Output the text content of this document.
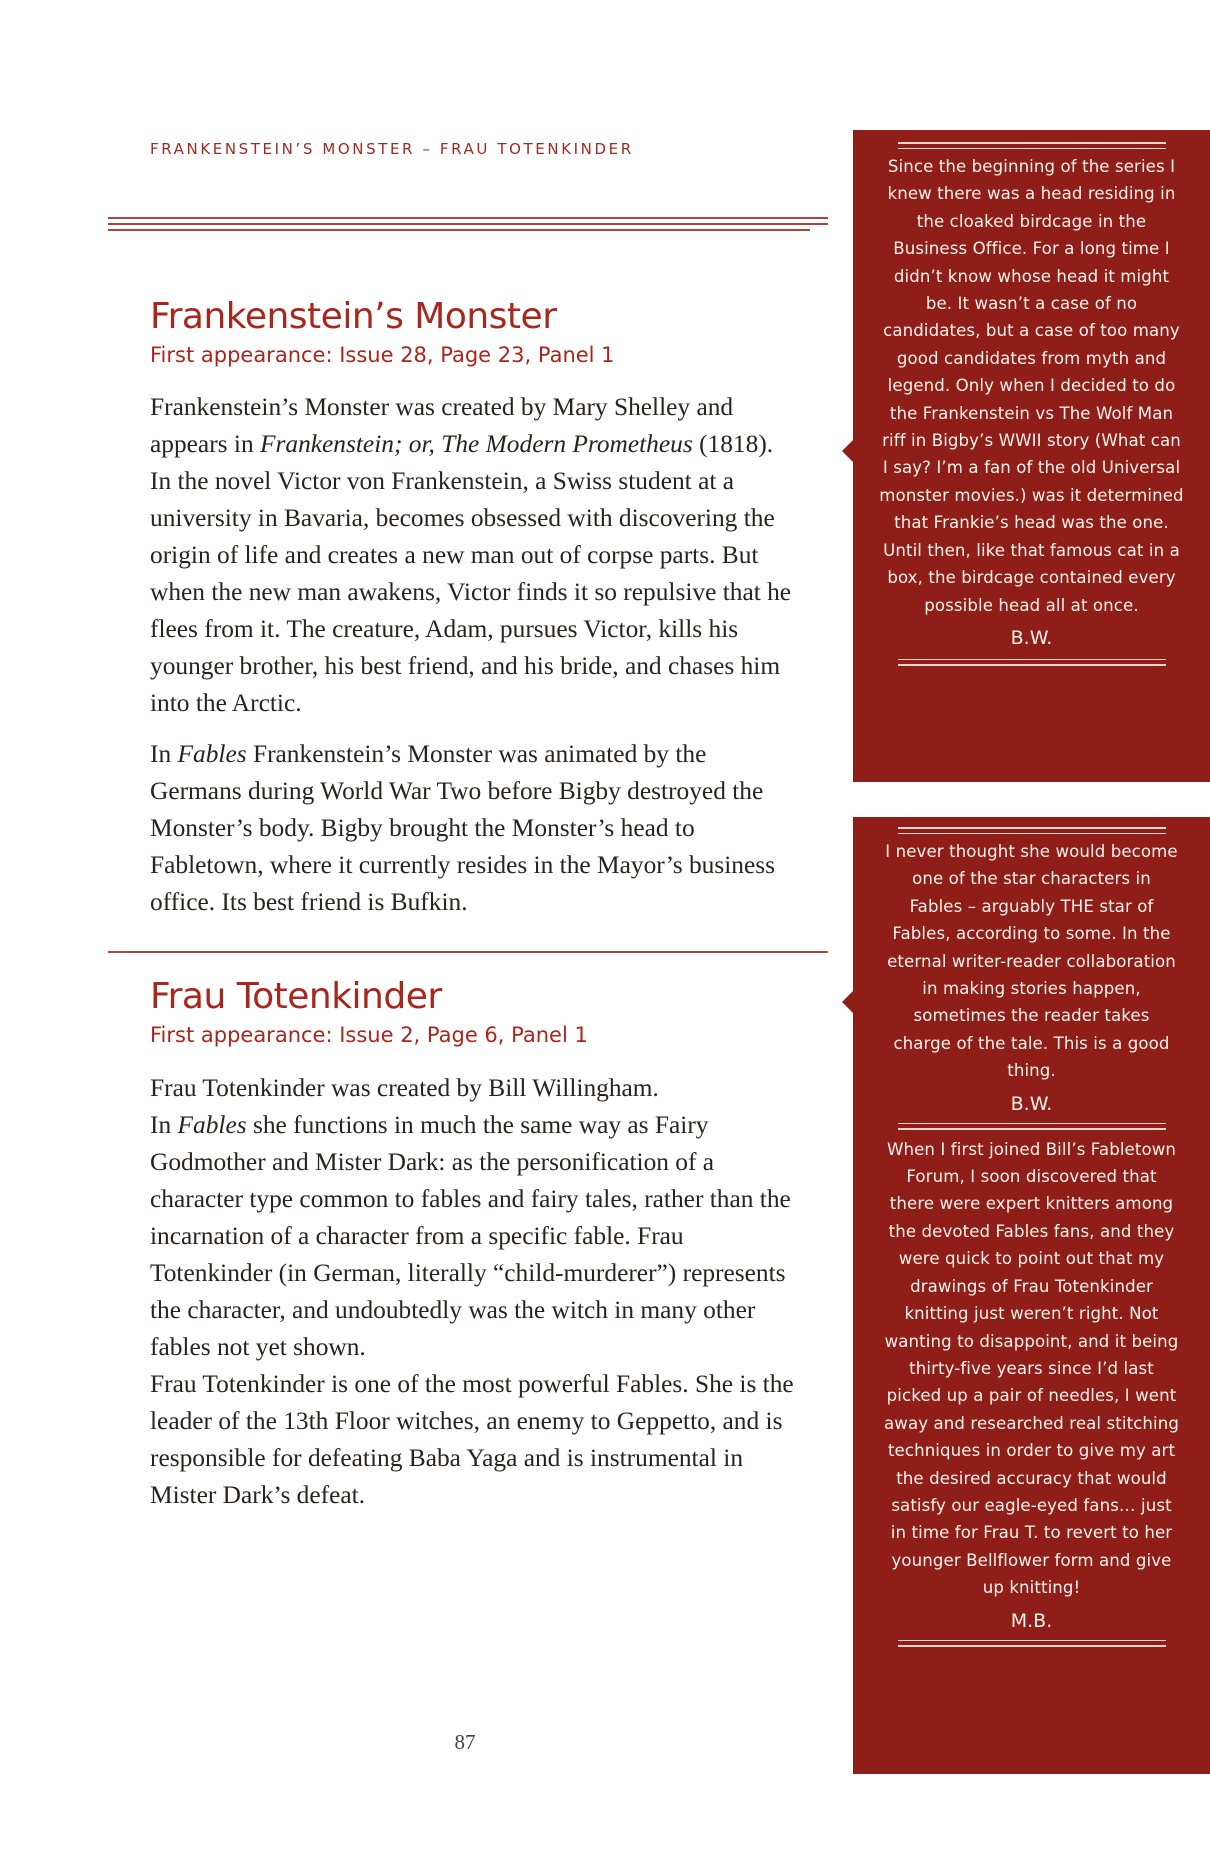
FRANKENSTEIN’S MONSTER – FRAU TOTENKINDER
Frankenstein’s Monster
First appearance: Issue 28, Page 23, Panel 1

Frankenstein’s Monster was created by Mary Shelley and appears in Frankenstein; or, The Modern Prometheus (1818). In the novel Victor von Frankenstein, a Swiss student at a university in Bavaria, becomes obsessed with discovering the origin of life and creates a new man out of corpse parts. But when the new man awakens, Victor finds it so repulsive that he flees from it. The creature, Adam, pursues Victor, kills his younger brother, his best friend, and his bride, and chases him into the Arctic.

In Fables Frankenstein’s Monster was animated by the Germans during World War Two before Bigby destroyed the Monster’s body. Bigby brought the Monster’s head to Fabletown, where it currently resides in the Mayor’s business office. Its best friend is Bufkin.

Frau Totenkinder
First appearance: Issue 2, Page 6, Panel 1

Frau Totenkinder was created by Bill Willingham.

In Fables she functions in much the same way as Fairy Godmother and Mister Dark: as the personification of a character type common to fables and fairy tales, rather than the incarnation of a character from a specific fable. Frau Totenkinder (in German, literally “child-murderer”) represents the character, and undoubtedly was the witch in many other fables not yet shown.

Frau Totenkinder is one of the most powerful Fables. She is the leader of the 13th Floor witches, an enemy to Geppetto, and is responsible for defeating Baba Yaga and is instrumental in Mister Dark’s defeat.

87

Since the beginning of the series I knew there was a head residing in the cloaked birdcage in the Business Office. For a long time I didn’t know whose head it might be. It wasn’t a case of no candidates, but a case of too many good candidates from myth and legend. Only when I decided to do the Frankenstein vs The Wolf Man riff in Bigby’s WWII story (What can I say? I’m a fan of the old Universal monster movies.) was it determined that Frankie’s head was the one. Until then, like that famous cat in a box, the birdcage contained every possible head all at once.

B.W.

I never thought she would become one of the star characters in Fables – arguably THE star of Fables, according to some. In the eternal writer-reader collaboration in making stories happen, sometimes the reader takes charge of the tale. This is a good thing.

B.W.

When I first joined Bill’s Fabletown Forum, I soon discovered that there were expert knitters among the devoted Fables fans, and they were quick to point out that my drawings of Frau Totenkinder knitting just weren’t right. Not wanting to disappoint, and it being thirty-five years since I’d last picked up a pair of needles, I went away and researched real stitching techniques in order to give my art the desired accuracy that would satisfy our eagle-eyed fans… just in time for Frau T. to revert to her younger Bellflower form and give up knitting!

M.B.
